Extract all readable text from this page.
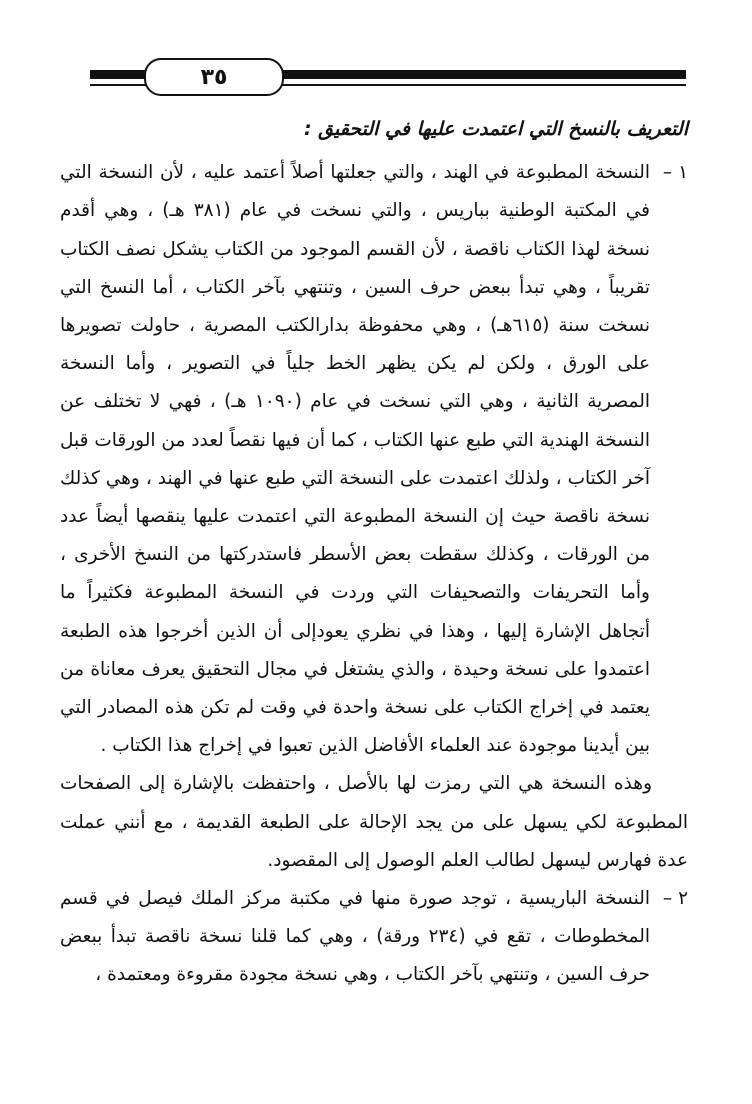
٣٥

التعريف بالنسخ التي اعتمدت عليها في التحقيق :

١ –
النسخة المطبوعة في الهند ، والتي جعلتها أصلاً أعتمد عليه ، لأن النسخة التي في المكتبة الوطنية بباريس ، والتي نسخت في عام (٣٨١ هـ) ، وهي أقدم نسخة لهذا الكتاب ناقصة ، لأن القسم الموجود من الكتاب يشكل نصف الكتاب تقريباً ، وهي تبدأ ببعض حرف السين ، وتنتهي بآخر الكتاب ، أما النسخ التي نسخت سنة (٦١٥هـ) ، وهي محفوظة بدارالكتب المصرية ، حاولت تصويرها على الورق ، ولكن لم يكن يظهر الخط جلياً في التصوير ، وأما النسخة المصرية الثانية ، وهي التي نسخت في عام (١٠٩٠ هـ) ، فهي لا تختلف عن النسخة الهندية التي طبع عنها الكتاب ، كما أن فيها نقصاً لعدد من الورقات قبل آخر الكتاب ، ولذلك اعتمدت على النسخة التي طبع عنها في الهند ، وهي كذلك نسخة ناقصة حيث إن النسخة المطبوعة التي اعتمدت عليها ينقصها أيضاً عدد من الورقات ، وكذلك سقطت بعض الأسطر فاستدركتها من النسخ الأخرى ، وأما التحريفات والتصحيفات التي وردت في النسخة المطبوعة فكثيراً ما أتجاهل الإشارة إليها ، وهذا في نظري يعودإلى أن الذين أخرجوا هذه الطبعة اعتمدوا على نسخة وحيدة ، والذي يشتغل في مجال التحقيق يعرف معاناة من يعتمد في إخراج الكتاب على نسخة واحدة في وقت لم تكن هذه المصادر التي بين أيدينا موجودة عند العلماء الأفاضل الذين تعبوا في إخراج هذا الكتاب .

وهذه النسخة هي التي رمزت لها بالأصل ، واحتفظت بالإشارة إلى الصفحات المطبوعة لكي يسهل على من يجد الإحالة على الطبعة القديمة ، مع أنني عملت عدة فهارس ليسهل لطالب العلم الوصول إلى المقصود.

٢ –
النسخة الباريسية ، توجد صورة منها في مكتبة مركز الملك فيصل في قسم المخطوطات ، تقع في (٢٣٤ ورقة) ، وهي كما قلنا نسخة ناقصة تبدأ ببعض حرف السين ، وتنتهي بآخر الكتاب ، وهي نسخة مجودة مقروءة ومعتمدة ،
